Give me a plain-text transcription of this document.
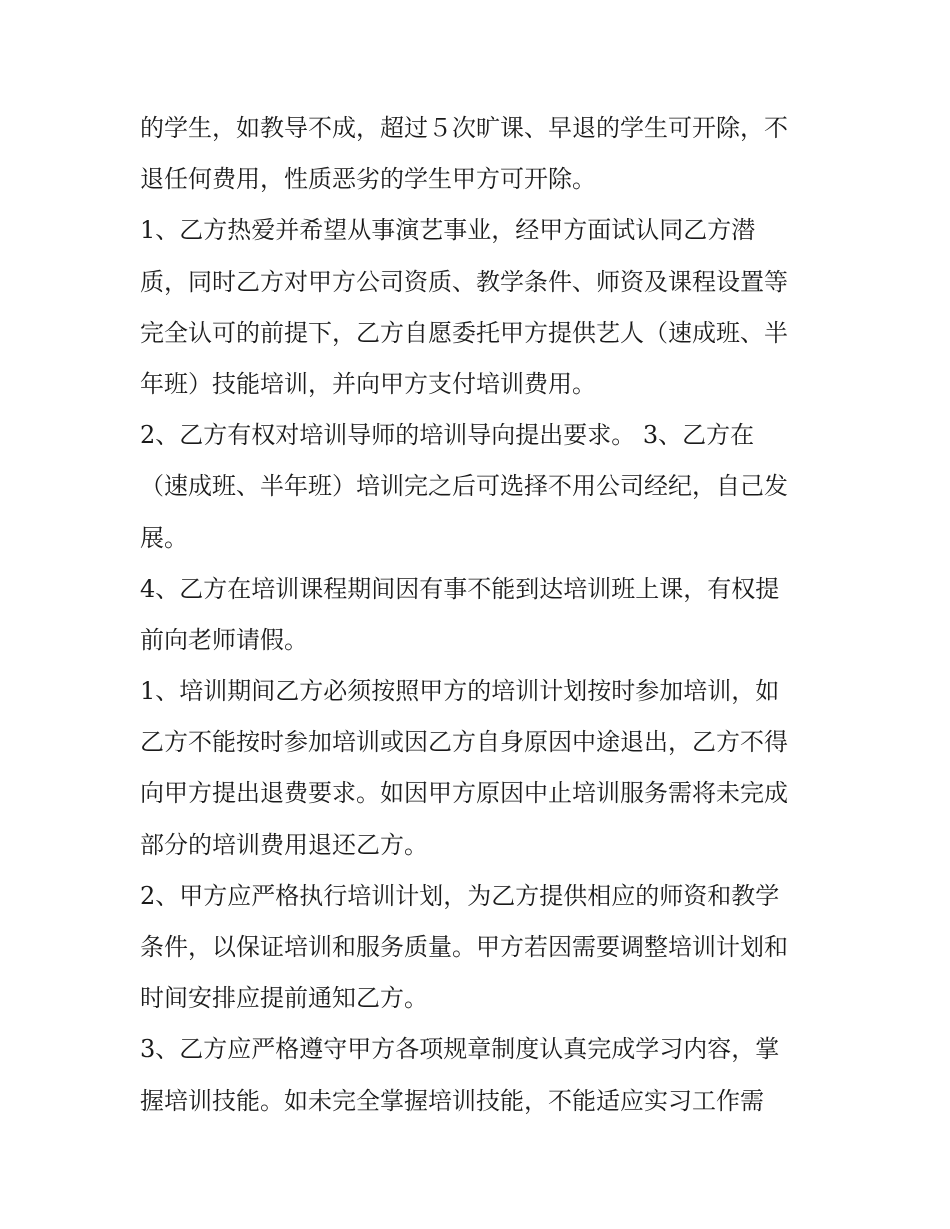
的学生，如教导不成，超过５次旷课、早退的学生可开除，不
退任何费用，性质恶劣的学生甲方可开除。
1、乙方热爱并希望从事演艺事业，经甲方面试认同乙方潜
质，同时乙方对甲方公司资质、教学条件、师资及课程设置等
完全认可的前提下，乙方自愿委托甲方提供艺人（速成班、半
年班）技能培训，并向甲方支付培训费用。
2、乙方有权对培训导师的培训导向提出要求。 3、乙方在
（速成班、半年班）培训完之后可选择不用公司经纪，自己发
展。
4、乙方在培训课程期间因有事不能到达培训班上课，有权提
前向老师请假。
1、培训期间乙方必须按照甲方的培训计划按时参加培训，如
乙方不能按时参加培训或因乙方自身原因中途退出，乙方不得
向甲方提出退费要求。如因甲方原因中止培训服务需将未完成
部分的培训费用退还乙方。
2、甲方应严格执行培训计划，为乙方提供相应的师资和教学
条件，以保证培训和服务质量。甲方若因需要调整培训计划和
时间安排应提前通知乙方。
3、乙方应严格遵守甲方各项规章制度认真完成学习内容，掌
握培训技能。如未完全掌握培训技能，不能适应实习工作需
